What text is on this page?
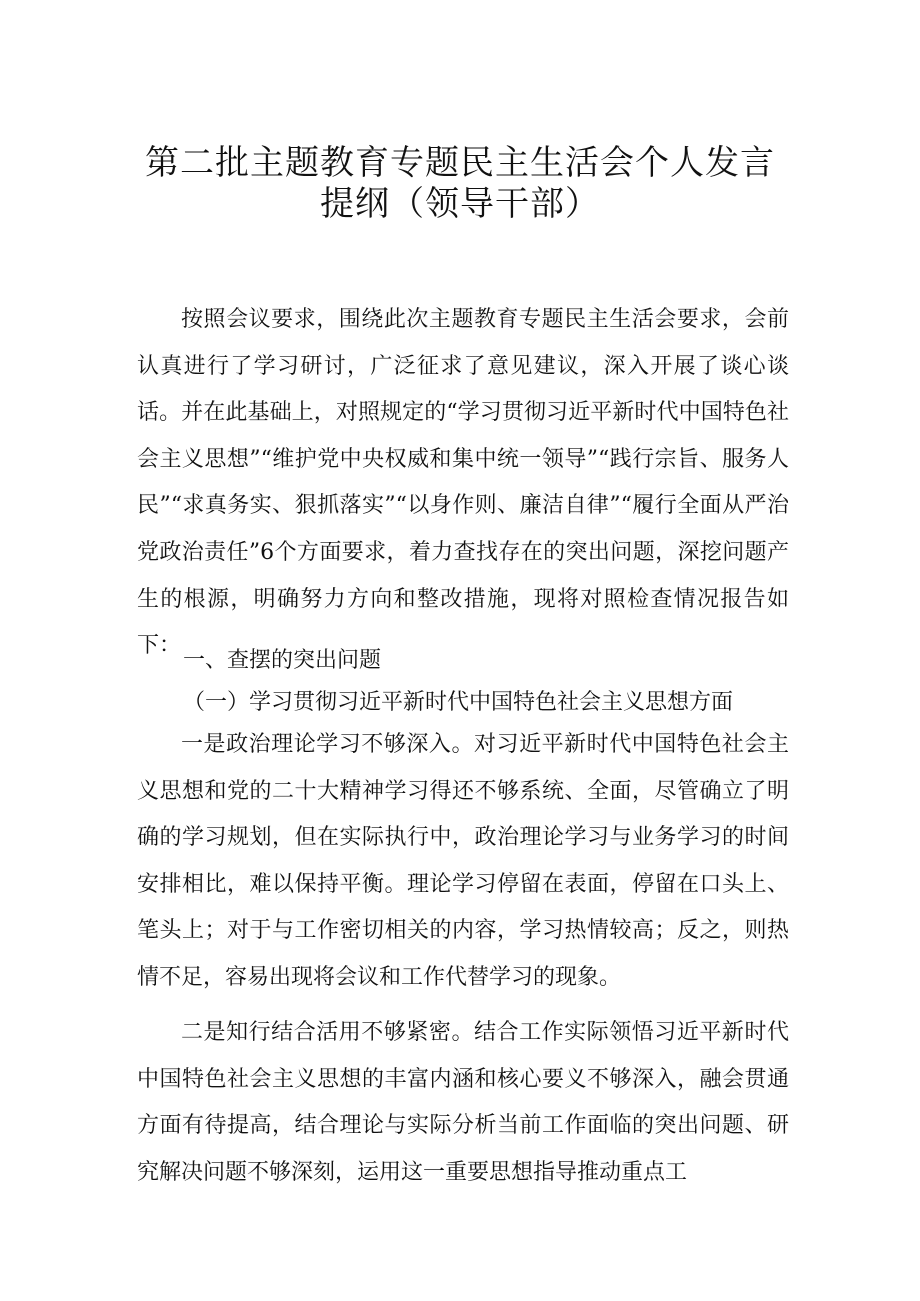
第二批主题教育专题民主生活会个人发言
提纲（领导干部）

按照会议要求，围绕此次主题教育专题民主生活会要求，会前认真进行了学习研讨，广泛征求了意见建议，深入开展了谈心谈话。并在此基础上，对照规定的“学习贯彻习近平新时代中国特色社会主义思想”“维护党中央权威和集中统一领导”“践行宗旨、服务人民”“求真务实、狠抓落实”“以身作则、廉洁自律”“履行全面从严治党政治责任”6个方面要求，着力查找存在的突出问题，深挖问题产生的根源，明确努力方向和整改措施，现将对照检查情况报告如下：

一、查摆的突出问题

（一）学习贯彻习近平新时代中国特色社会主义思想方面

一是政治理论学习不够深入。对习近平新时代中国特色社会主义思想和党的二十大精神学习得还不够系统、全面，尽管确立了明确的学习规划，但在实际执行中，政治理论学习与业务学习的时间安排相比，难以保持平衡。理论学习停留在表面，停留在口头上、笔头上；对于与工作密切相关的内容，学习热情较高；反之，则热情不足，容易出现将会议和工作代替学习的现象。

二是知行结合活用不够紧密。结合工作实际领悟习近平新时代中国特色社会主义思想的丰富内涵和核心要义不够深入，融会贯通方面有待提高，结合理论与实际分析当前工作面临的突出问题、研究解决问题不够深刻，运用这一重要思想指导推动重点工
